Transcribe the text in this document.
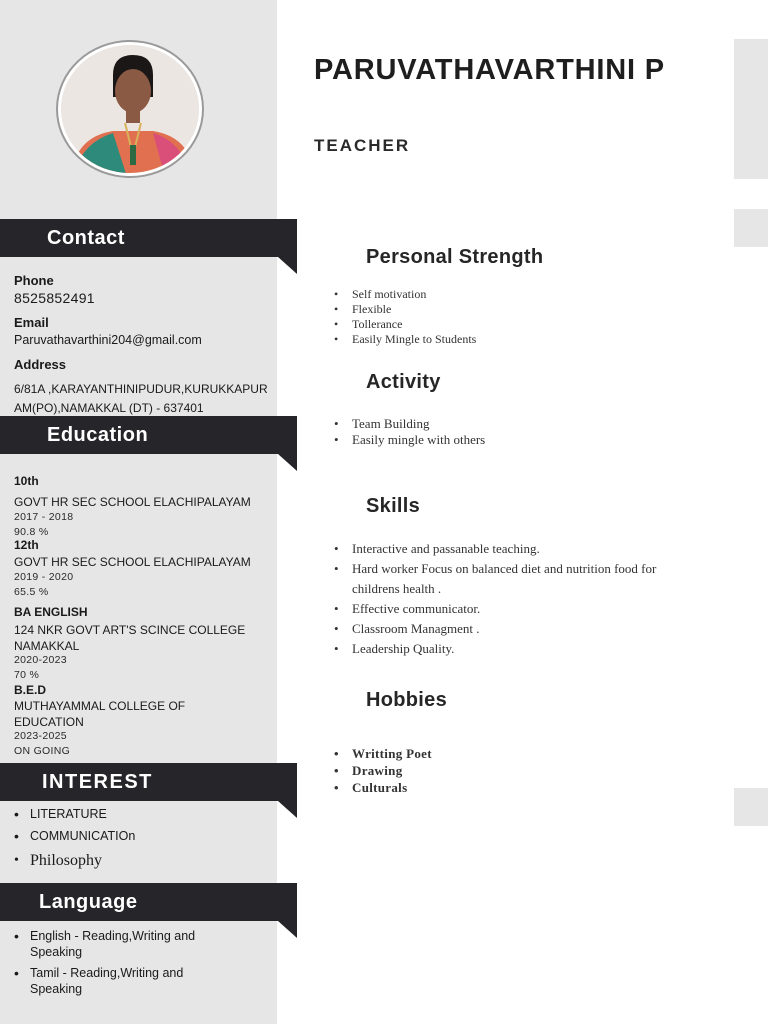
Contact
Phone
8525852491
Email
Paruvathavarthini204@gmail.com
Address
6/81A ,KARAYANTHINIPUDUR,KURUKKAPUR
AM(PO),NAMAKKAL (DT) - 637401
Education
10th
GOVT HR SEC SCHOOL ELACHIPALAYAM
2017 - 2018
90.8 %
12th
GOVT HR SEC SCHOOL ELACHIPALAYAM
2019 - 2020
65.5 %
BA ENGLISH
124 NKR GOVT ART'S SCINCE COLLEGE
NAMAKKAL
2020-2023
70 %
B.E.D
MUTHAYAMMAL COLLEGE OF
EDUCATION
2023-2025
ON GOING
INTEREST
• LITERATURE
• COMMUNICATIOn
• Philosophy
Language
• English - Reading,Writing and
Speaking
• Tamil - Reading,Writing and
Speaking
PARUVATHAVARTHINI P
TEACHER
Personal Strength
• Self motivation
• Flexible
• Tollerance
• Easily Mingle to Students
Activity
• Team Building
• Easily mingle with others
Skills
• Interactive and passanable teaching.
• Hard worker Focus on balanced diet and nutrition food for
childrens health .
• Effective communicator.
• Classroom Managment .
• Leadership Quality.
Hobbies
• Writting Poet
• Drawing
• Culturals
